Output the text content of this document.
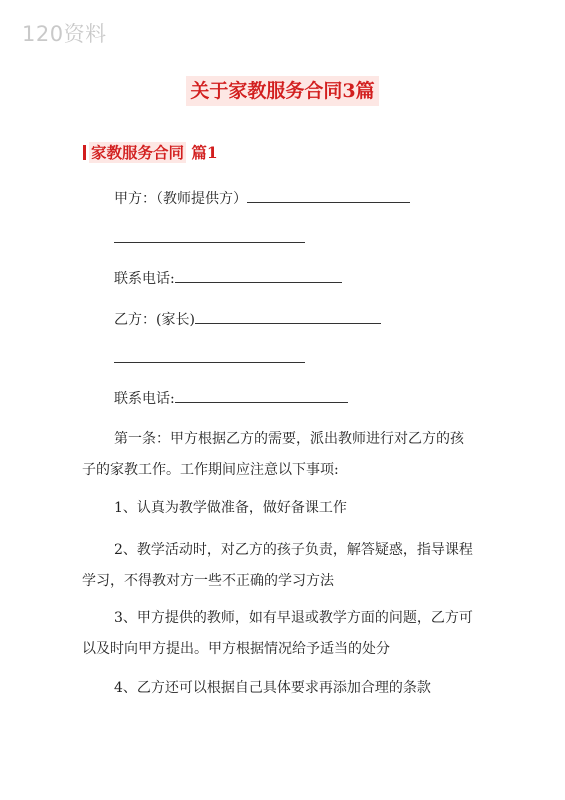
120资料
关于家教服务合同3篇
家教服务合同 篇1
甲方：（教师提供方）
联系电话:
乙方：(家长)
联系电话:
第一条：甲方根据乙方的需要，派出教师进行对乙方的孩
子的家教工作。工作期间应注意以下事项:
1、认真为教学做准备，做好备课工作
2、教学活动时，对乙方的孩子负责，解答疑惑，指导课程
学习，不得教对方一些不正确的学习方法
3、甲方提供的教师，如有早退或教学方面的问题，乙方可
以及时向甲方提出。甲方根据情况给予适当的处分
4、乙方还可以根据自己具体要求再添加合理的条款
